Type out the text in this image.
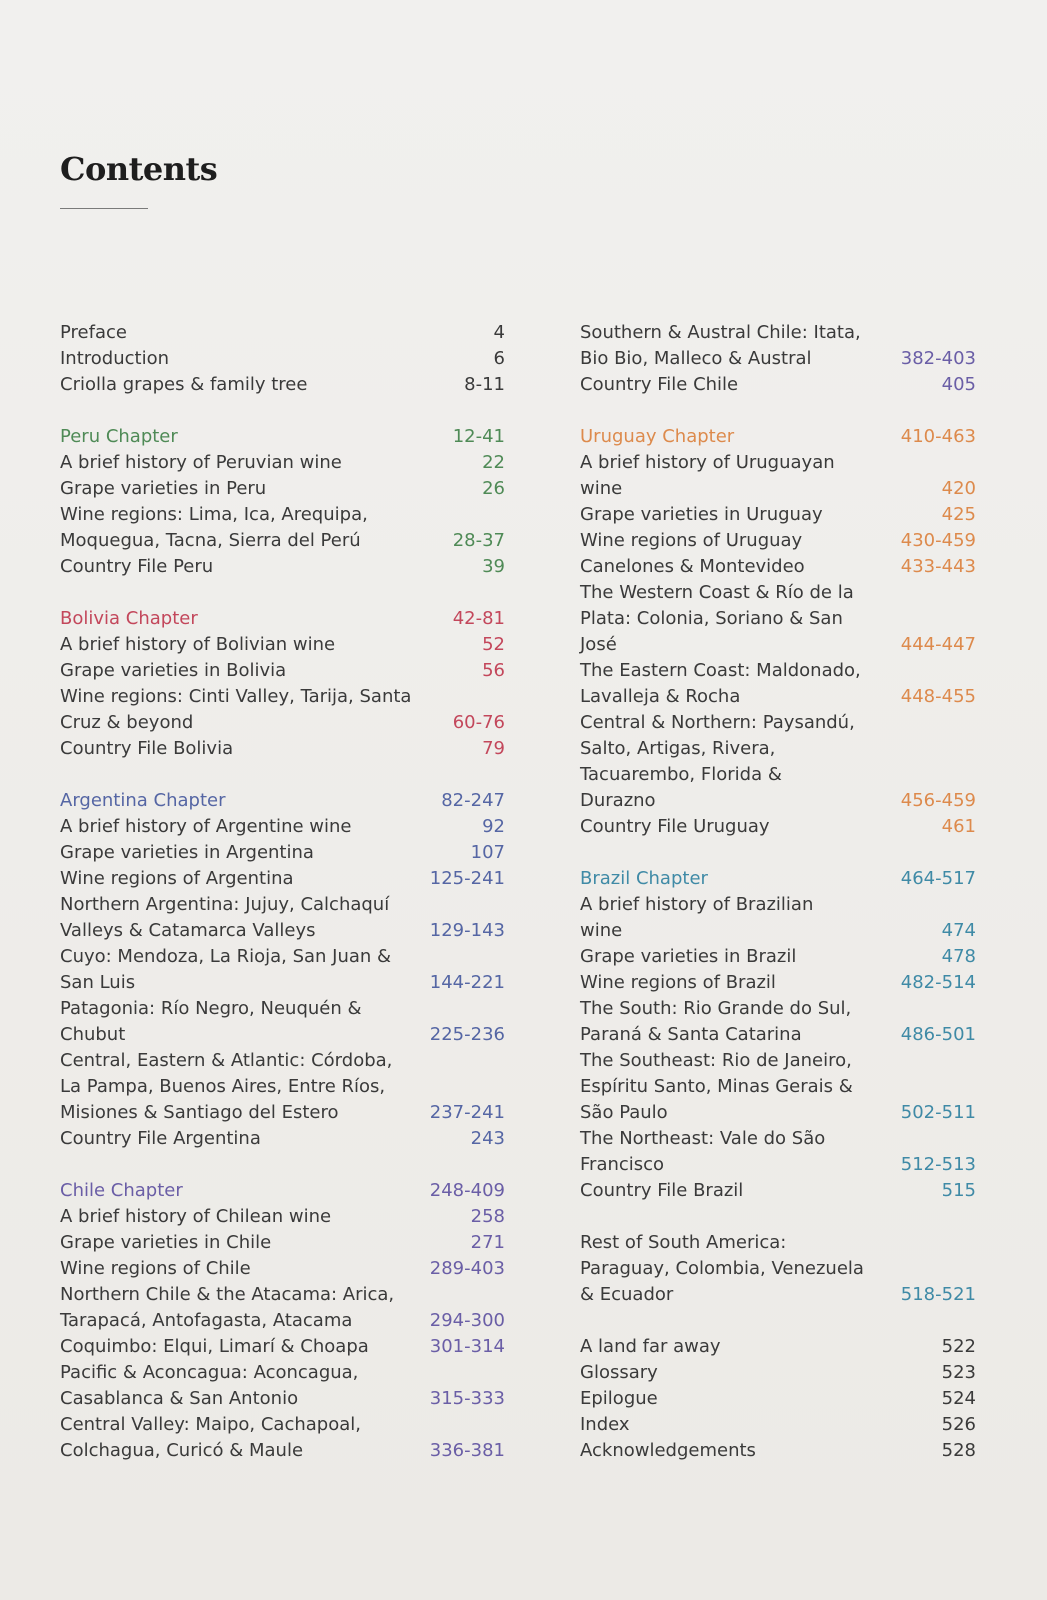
Contents
Preface	4
Introduction	6
Criolla grapes & family tree	8-11
Peru Chapter	12-41
A brief history of Peruvian wine	22
Grape varieties in Peru	26
Wine regions: Lima, Ica, Arequipa,
Moquegua, Tacna, Sierra del Perú	28-37
Country File Peru	39
Bolivia Chapter	42-81
A brief history of Bolivian wine	52
Grape varieties in Bolivia	56
Wine regions: Cinti Valley, Tarija, Santa
Cruz & beyond	60-76
Country File Bolivia	79
Argentina Chapter	82-247
A brief history of Argentine wine	92
Grape varieties in Argentina	107
Wine regions of Argentina	125-241
Northern Argentina: Jujuy, Calchaquí
Valleys & Catamarca Valleys	129-143
Cuyo: Mendoza, La Rioja, San Juan &
San Luis	144-221
Patagonia: Río Negro, Neuquén &
Chubut	225-236
Central, Eastern & Atlantic: Córdoba,
La Pampa, Buenos Aires, Entre Ríos,
Misiones & Santiago del Estero	237-241
Country File Argentina	243
Chile Chapter	248-409
A brief history of Chilean wine	258
Grape varieties in Chile	271
Wine regions of Chile	289-403
Northern Chile & the Atacama: Arica,
Tarapacá, Antofagasta, Atacama	294-300
Coquimbo: Elqui, Limarí & Choapa	301-314
Pacific & Aconcagua: Aconcagua,
Casablanca & San Antonio	315-333
Central Valley: Maipo, Cachapoal,
Colchagua, Curicó & Maule	336-381
Southern & Austral Chile: Itata,
Bio Bio, Malleco & Austral	382-403
Country File Chile	405
Uruguay Chapter	410-463
A brief history of Uruguayan
wine	420
Grape varieties in Uruguay	425
Wine regions of Uruguay	430-459
Canelones & Montevideo	433-443
The Western Coast & Río de la
Plata: Colonia, Soriano & San
José	444-447
The Eastern Coast: Maldonado,
Lavalleja & Rocha	448-455
Central & Northern: Paysandú,
Salto, Artigas, Rivera,
Tacuarembo, Florida &
Durazno	456-459
Country File Uruguay	461
Brazil Chapter	464-517
A brief history of Brazilian
wine	474
Grape varieties in Brazil	478
Wine regions of Brazil	482-514
The South: Rio Grande do Sul,
Paraná & Santa Catarina	486-501
The Southeast: Rio de Janeiro,
Espíritu Santo, Minas Gerais &
São Paulo	502-511
The Northeast: Vale do São
Francisco	512-513
Country File Brazil	515
Rest of South America:
Paraguay, Colombia, Venezuela
& Ecuador	518-521
A land far away	522
Glossary	523
Epilogue	524
Index	526
Acknowledgements	528
